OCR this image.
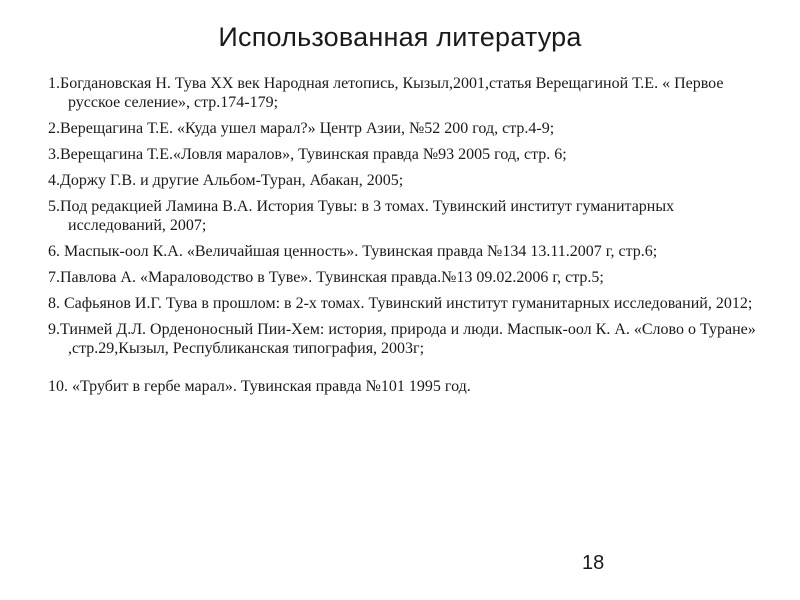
Использованная литература
1.Богдановская Н. Тува XX век Народная летопись, Кызыл,2001,статья Верещагиной Т.Е. « Первое русское селение», стр.174-179;
2.Верещагина Т.Е. «Куда ушел марал?» Центр Азии, №52 200 год, стр.4-9;
3.Верещагина Т.Е.«Ловля маралов», Тувинская правда №93 2005 год, стр. 6;
4.Доржу Г.В. и другие Альбом-Туран, Абакан, 2005;
5.Под редакцией Ламина В.А. История Тувы: в 3 томах. Тувинский институт гуманитарных исследований, 2007;
6. Маспык-оол К.А. «Величайшая ценность». Тувинская правда №134 13.11.2007 г, стр.6;
7.Павлова А. «Мараловодство в Туве». Тувинская правда.№13 09.02.2006 г, стр.5;
8. Сафьянов И.Г. Тува в прошлом: в 2-х томах. Тувинский институт гуманитарных исследований, 2012;
9.Тинмей Д.Л. Орденоносный Пии-Хем: история, природа и люди. Маспык-оол К. А. «Слово о Туране» ,стр.29,Кызыл, Республиканская типография, 2003г;
10. «Трубит в гербе марал». Тувинская правда №101 1995 год.
18
